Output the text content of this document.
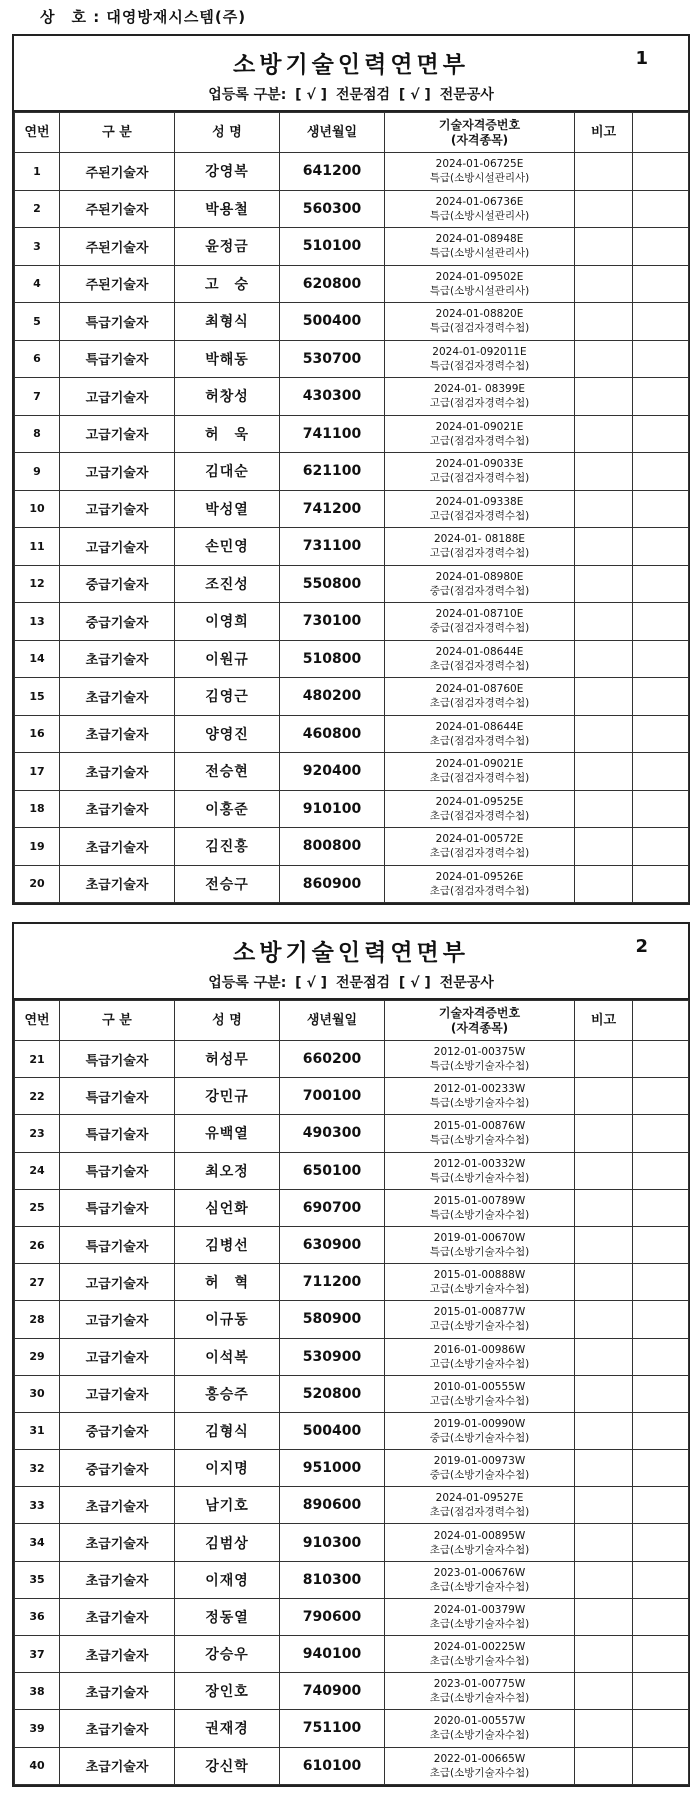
상　호 : 대영방재시스템(주)
소방기술인력연면부	1
업등록 구분: [ √ ] 전문점검 [ √ ] 전문공사
연번	구 분	성 명	생년월일	기술자격증번호
(자격종목)	비고	
1	주된기술자	강영복	641200	2024-01-06725E
특급(소방시설관리사)		

2	주된기술자	박용철	560300	2024-01-06736E
특급(소방시설관리사)		

3	주된기술자	윤정금	510100	2024-01-08948E
특급(소방시설관리사)		

4	주된기술자	고　숭	620800	2024-01-09502E
특급(소방시설관리사)		

5	특급기술자	최형식	500400	2024-01-08820E
특급(점검자경력수첩)		

6	특급기술자	박해동	530700	2024-01-092011E
특급(점검자경력수첩)		

7	고급기술자	허창성	430300	2024-01- 08399E
고급(점검자경력수첩)		

8	고급기술자	허　욱	741100	2024-01-09021E
고급(점검자경력수첩)		

9	고급기술자	김대순	621100	2024-01-09033E
고급(점검자경력수첩)		

10	고급기술자	박성열	741200	2024-01-09338E
고급(점검자경력수첩)		

11	고급기술자	손민영	731100	2024-01- 08188E
고급(점검자경력수첩)		

12	중급기술자	조진성	550800	2024-01-08980E
중급(점검자경력수첩)		

13	중급기술자	이영희	730100	2024-01-08710E
중급(점검자경력수첩)		

14	초급기술자	이원규	510800	2024-01-08644E
초급(점검자경력수첩)		

15	초급기술자	김영근	480200	2024-01-08760E
초급(점검자경력수첩)		

16	초급기술자	양영진	460800	2024-01-08644E
초급(점검자경력수첩)		

17	초급기술자	전승현	920400	2024-01-09021E
초급(점검자경력수첩)		

18	초급기술자	이홍준	910100	2024-01-09525E
초급(점검자경력수첩)		

19	초급기술자	김진홍	800800	2024-01-00572E
초급(점검자경력수첩)		

20	초급기술자	전승구	860900	2024-01-09526E
초급(점검자경력수첩)		

소방기술인력연면부	2
업등록 구분: [ √ ] 전문점검 [ √ ] 전문공사
연번	구 분	성 명	생년월일	기술자격증번호
(자격종목)	비고	
21	특급기술자	허성무	660200	2012-01-00375W
특급(소방기술자수첩)		

22	특급기술자	강민규	700100	2012-01-00233W
특급(소방기술자수첩)		

23	특급기술자	유백열	490300	2015-01-00876W
특급(소방기술자수첩)		

24	특급기술자	최오정	650100	2012-01-00332W
특급(소방기술자수첩)		

25	특급기술자	심언화	690700	2015-01-00789W
특급(소방기술자수첩)		

26	특급기술자	김병선	630900	2019-01-00670W
특급(소방기술자수첩)		

27	고급기술자	허　혁	711200	2015-01-00888W
고급(소방기술자수첩)		

28	고급기술자	이규동	580900	2015-01-00877W
고급(소방기술자수첩)		

29	고급기술자	이석복	530900	2016-01-00986W
고급(소방기술자수첩)		

30	고급기술자	홍승주	520800	2010-01-00555W
고급(소방기술자수첩)		

31	중급기술자	김형식	500400	2019-01-00990W
중급(소방기술자수첩)		

32	중급기술자	이지명	951000	2019-01-00973W
중급(소방기술자수첩)		

33	초급기술자	남기호	890600	2024-01-09527E
초급(점검자경력수첩)		

34	초급기술자	김범상	910300	2024-01-00895W
초급(소방기술자수첩)		

35	초급기술자	이재영	810300	2023-01-00676W
초급(소방기술자수첩)		

36	초급기술자	정동열	790600	2024-01-00379W
초급(소방기술자수첩)		

37	초급기술자	강승우	940100	2024-01-00225W
초급(소방기술자수첩)		

38	초급기술자	장인호	740900	2023-01-00775W
초급(소방기술자수첩)		

39	초급기술자	권재경	751100	2020-01-00557W
초급(소방기술자수첩)		

40	초급기술자	강신학	610100	2022-01-00665W
초급(소방기술자수첩)		
